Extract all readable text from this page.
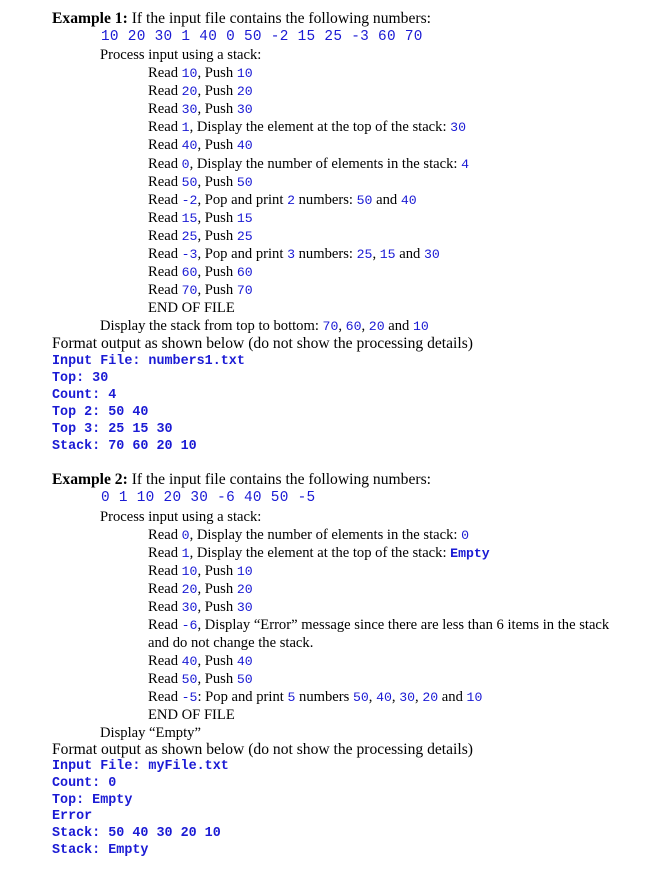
Example 1: If the input file contains the following numbers:
10 20 30 1 40 0 50 -2 15 25 -3 60 70
Process input using a stack:
Read 10, Push 10
Read 20, Push 20
Read 30, Push 30
Read 1, Display the element at the top of the stack: 30
Read 40, Push 40
Read 0, Display the number of elements in the stack: 4
Read 50, Push 50
Read -2, Pop and print 2 numbers: 50 and 40
Read 15, Push 15
Read 25, Push 25
Read -3, Pop and print 3 numbers: 25, 15 and 30
Read 60, Push 60
Read 70, Push 70
END OF FILE
Display the stack from top to bottom: 70, 60, 20 and 10
Format output as shown below (do not show the processing details)
Input File: numbers1.txt
Top: 30
Count: 4
Top 2: 50 40
Top 3: 25 15 30
Stack: 70 60 20 10
Example 2: If the input file contains the following numbers:
0 1 10 20 30 -6 40 50 -5
Process input using a stack:
Read 0, Display the number of elements in the stack: 0
Read 1, Display the element at the top of the stack: Empty
Read 10, Push 10
Read 20, Push 20
Read 30, Push 30
Read -6, Display “Error” message since there are less than 6 items in the stack
and do not change the stack.
Read 40, Push 40
Read 50, Push 50
Read -5: Pop and print 5 numbers 50, 40, 30, 20 and 10
END OF FILE
Display “Empty”
Format output as shown below (do not show the processing details)
Input File: myFile.txt
Count: 0
Top: Empty
Error
Stack: 50 40 30 20 10
Stack: Empty
